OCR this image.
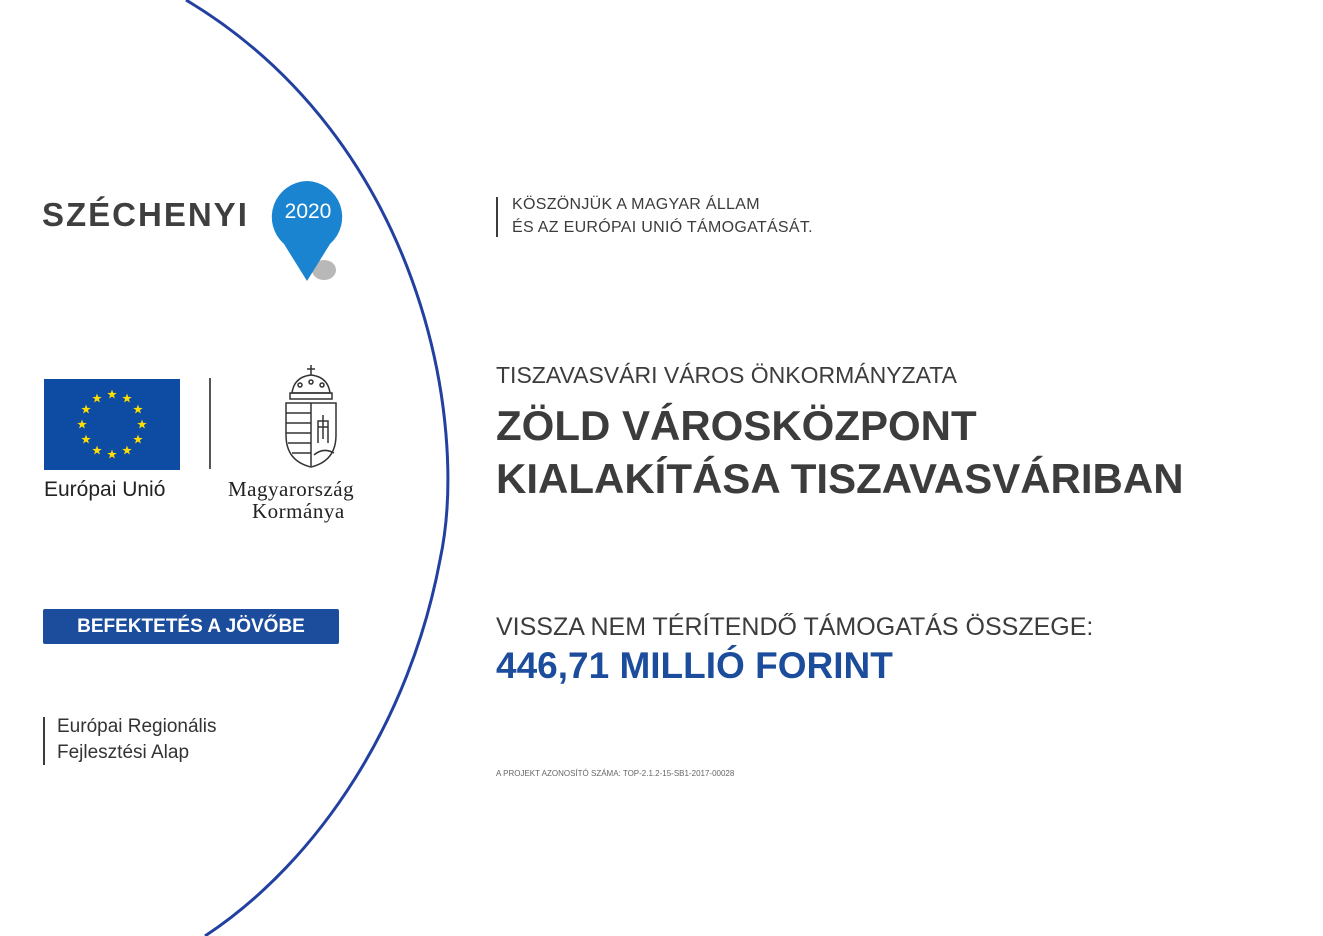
SZÉCHENYI	2020
Európai Unió	Magyarország
Kormánya
BEFEKTETÉS A JÖVŐBE
Európai Regionális
Fejlesztési Alap
KÖSZÖNJÜK A MAGYAR ÁLLAM
ÉS AZ EURÓPAI UNIÓ TÁMOGATÁSÁT.
TISZAVASVÁRI VÁROS ÖNKORMÁNYZATA
ZÖLD VÁROSKÖZPONT
KIALAKÍTÁSA TISZAVASVÁRIBAN
VISSZA NEM TÉRÍTENDŐ TÁMOGATÁS ÖSSZEGE:
446,71 MILLIÓ FORINT
A PROJEKT AZONOSÍTÓ SZÁMA: TOP-2.1.2-15-SB1-2017-00028
